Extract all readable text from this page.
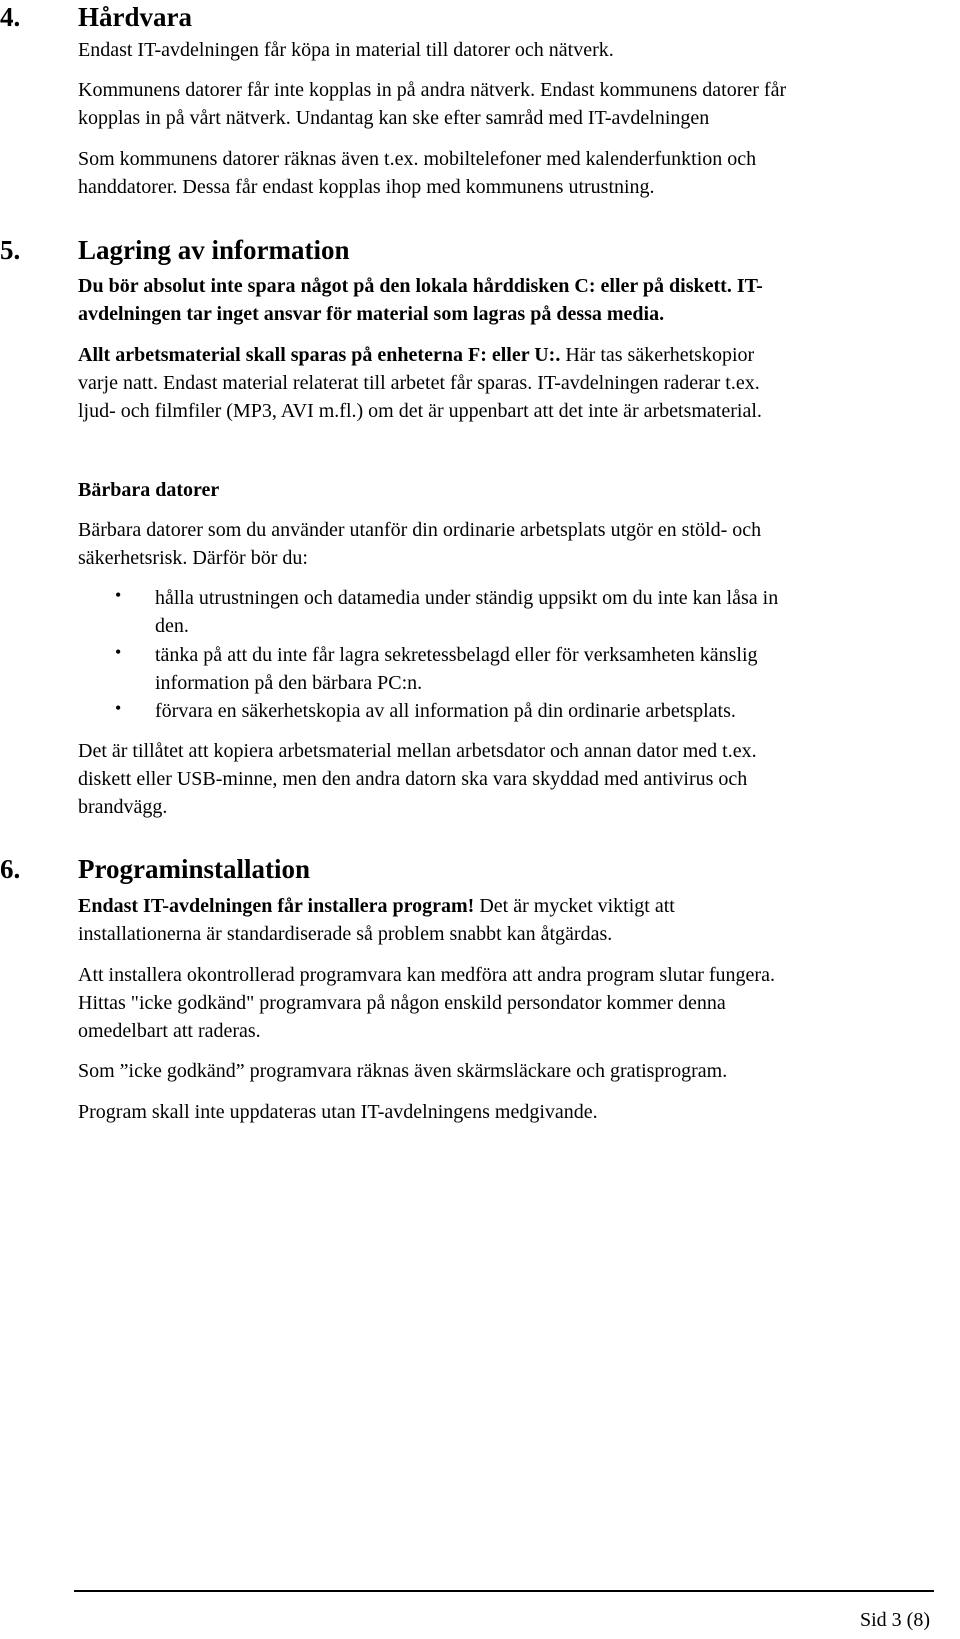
4. Hårdvara
Endast IT-avdelningen får köpa in material till datorer och nätverk.
Kommunens datorer får inte kopplas in på andra nätverk. Endast kommunens datorer får
kopplas in på vårt nätverk. Undantag kan ske efter samråd med IT-avdelningen
Som kommunens datorer räknas även t.ex. mobiltelefoner med kalenderfunktion och
handdatorer. Dessa får endast kopplas ihop med kommunens utrustning.
5. Lagring av information
Du bör absolut inte spara något på den lokala hårddisken C: eller på diskett. IT-
avdelningen tar inget ansvar för material som lagras på dessa media.
Allt arbetsmaterial skall sparas på enheterna F: eller U:. Här tas säkerhetskopior
varje natt. Endast material relaterat till arbetet får sparas. IT-avdelningen raderar t.ex.
ljud- och filmfiler (MP3, AVI m.fl.) om det är uppenbart att det inte är arbetsmaterial.
Bärbara datorer
Bärbara datorer som du använder utanför din ordinarie arbetsplats utgör en stöld- och
säkerhetsrisk. Därför bör du:
• hålla utrustningen och datamedia under ständig uppsikt om du inte kan låsa in
den.
• tänka på att du inte får lagra sekretessbelagd eller för verksamheten känslig
information på den bärbara PC:n.
• förvara en säkerhetskopia av all information på din ordinarie arbetsplats.
Det är tillåtet att kopiera arbetsmaterial mellan arbetsdator och annan dator med t.ex.
diskett eller USB-minne, men den andra datorn ska vara skyddad med antivirus och
brandvägg.
6. Programinstallation
Endast IT-avdelningen får installera program! Det är mycket viktigt att
installationerna är standardiserade så problem snabbt kan åtgärdas.
Att installera okontrollerad programvara kan medföra att andra program slutar fungera.
Hittas "icke godkänd" programvara på någon enskild persondator kommer denna
omedelbart att raderas.
Som ”icke godkänd” programvara räknas även skärmsläckare och gratisprogram.
Program skall inte uppdateras utan IT-avdelningens medgivande.
Sid 3 (8)
